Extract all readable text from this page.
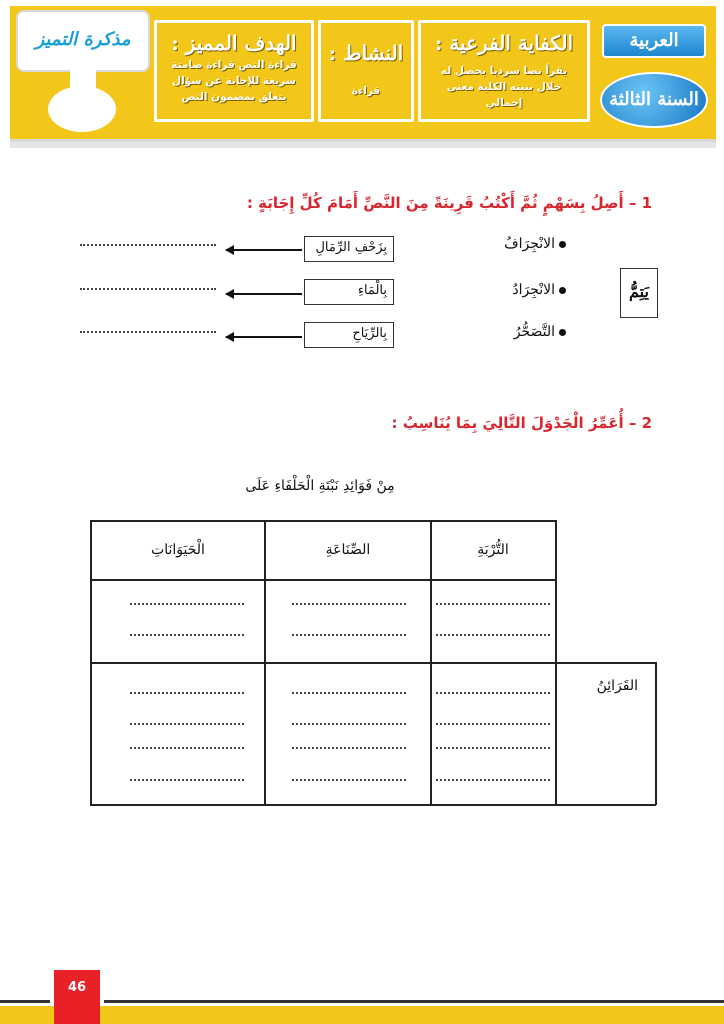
مذكرة التميز	الهدف المميز :
قراءة النص قراءة صامتة سريعة للإجابة عن سؤال يتعلق بمضمون النص
النشاط :
قراءة
الكفاية الفرعية :
يقرأ نصا سرديا يحصل له خلال بنيته الكلية معنى إجمالي
العربية
السنة الثالثة
1 – أَصِلُ بِسَهْمٍ ثُمَّ أَكْتُبُ قَرِينَةً مِنَ النَّصِّ أَمَامَ كُلِّ إِجَابَةٍ :
يَتِمُّ
الانْجِرَافُ
بِزَحْفِ الرِّمَالِ
الانْجِرَادُ
بِالْمَاءِ
التَّصَحُّرُ
بِالرِّيَاحِ
2 – أُعَمِّرُ الْجَدْوَلَ التَّالِيَ بِمَا يُنَاسِبُ :
مِنْ فَوَائِدِ نَبْتَةِ الْحَلْفَاءِ عَلَى
التُّرْبَةِ
الصِّنَاعَةِ
الْحَيَوَانَاتِ
القَرَائِنُ
46
